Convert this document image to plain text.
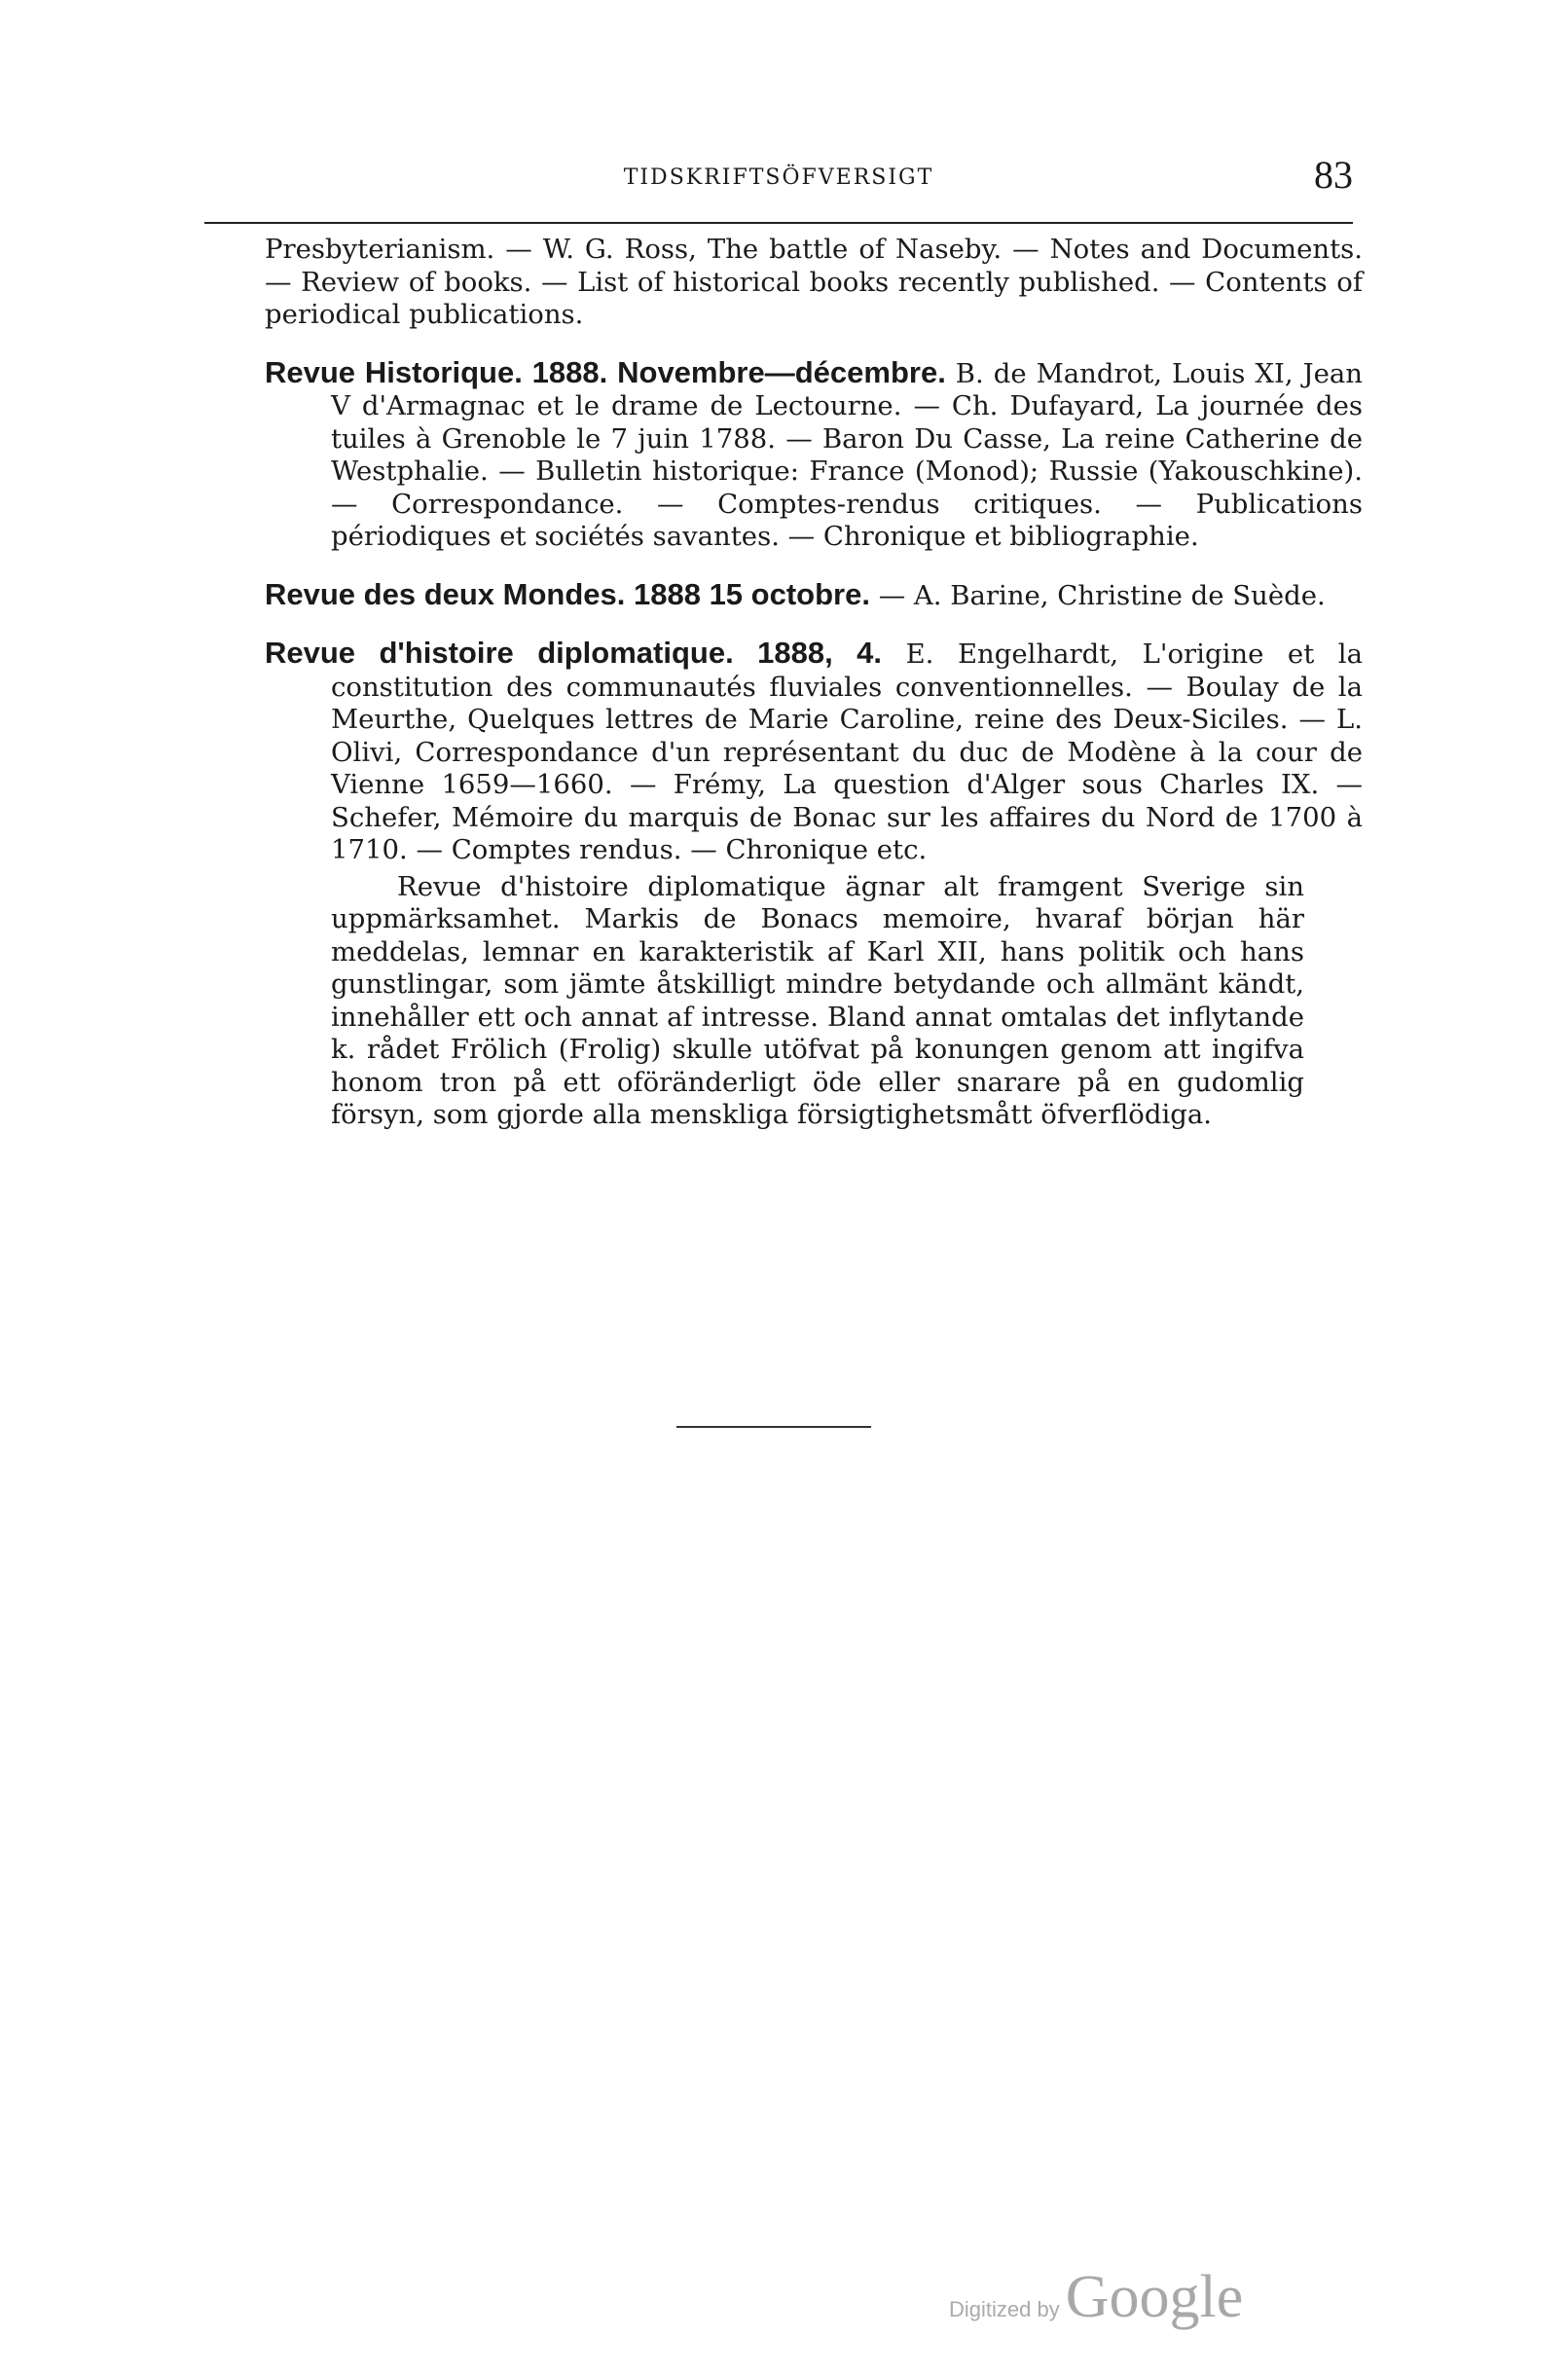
TIDSKRIFTSÖFVERSIGT	83

Presbyterianism. — W. G. Ross, The battle of Naseby. — Notes and Documents. — Review of books. — List of historical books recently published. — Contents of periodical publications.

Revue Historique. 1888. Novembre—décembre. B. de Mandrot, Louis XI, Jean V d'Armagnac et le drame de Lectourne. — Ch. Dufayard, La journée des tuiles à Grenoble le 7 juin 1788. — Baron Du Casse, La reine Catherine de Westphalie. — Bulletin historique: France (Monod); Russie (Yakouschkine). — Correspondance. — Comptes-rendus critiques. — Publications périodiques et sociétés savantes. — Chronique et bibliographie.

Revue des deux Mondes. 1888 15 octobre. — A. Barine, Christine de Suède.

Revue d'histoire diplomatique. 1888, 4. E. Engelhardt, L'origine et la constitution des communautés fluviales conventionnelles. — Boulay de la Meurthe, Quelques lettres de Marie Caroline, reine des Deux-Siciles. — L. Olivi, Correspondance d'un représentant du duc de Modène à la cour de Vienne 1659—1660. — Frémy, La question d'Alger sous Charles IX. — Schefer, Mémoire du marquis de Bonac sur les affaires du Nord de 1700 à 1710. — Comptes rendus. — Chronique etc.

Revue d'histoire diplomatique ägnar alt framgent Sverige sin uppmärksamhet. Markis de Bonacs memoire, hvaraf början här meddelas, lemnar en karakteristik af Karl XII, hans politik och hans gunstlingar, som jämte åtskilligt mindre betydande och allmänt kändt, innehåller ett och annat af intresse. Bland annat omtalas det inflytande k. rådet Frölich (Frolig) skulle utöfvat på konungen genom att ingifva honom tron på ett oföränderligt öde eller snarare på en gudomlig försyn, som gjorde alla menskliga försigtighetsmått öfverflödiga.

Digitized by Google
